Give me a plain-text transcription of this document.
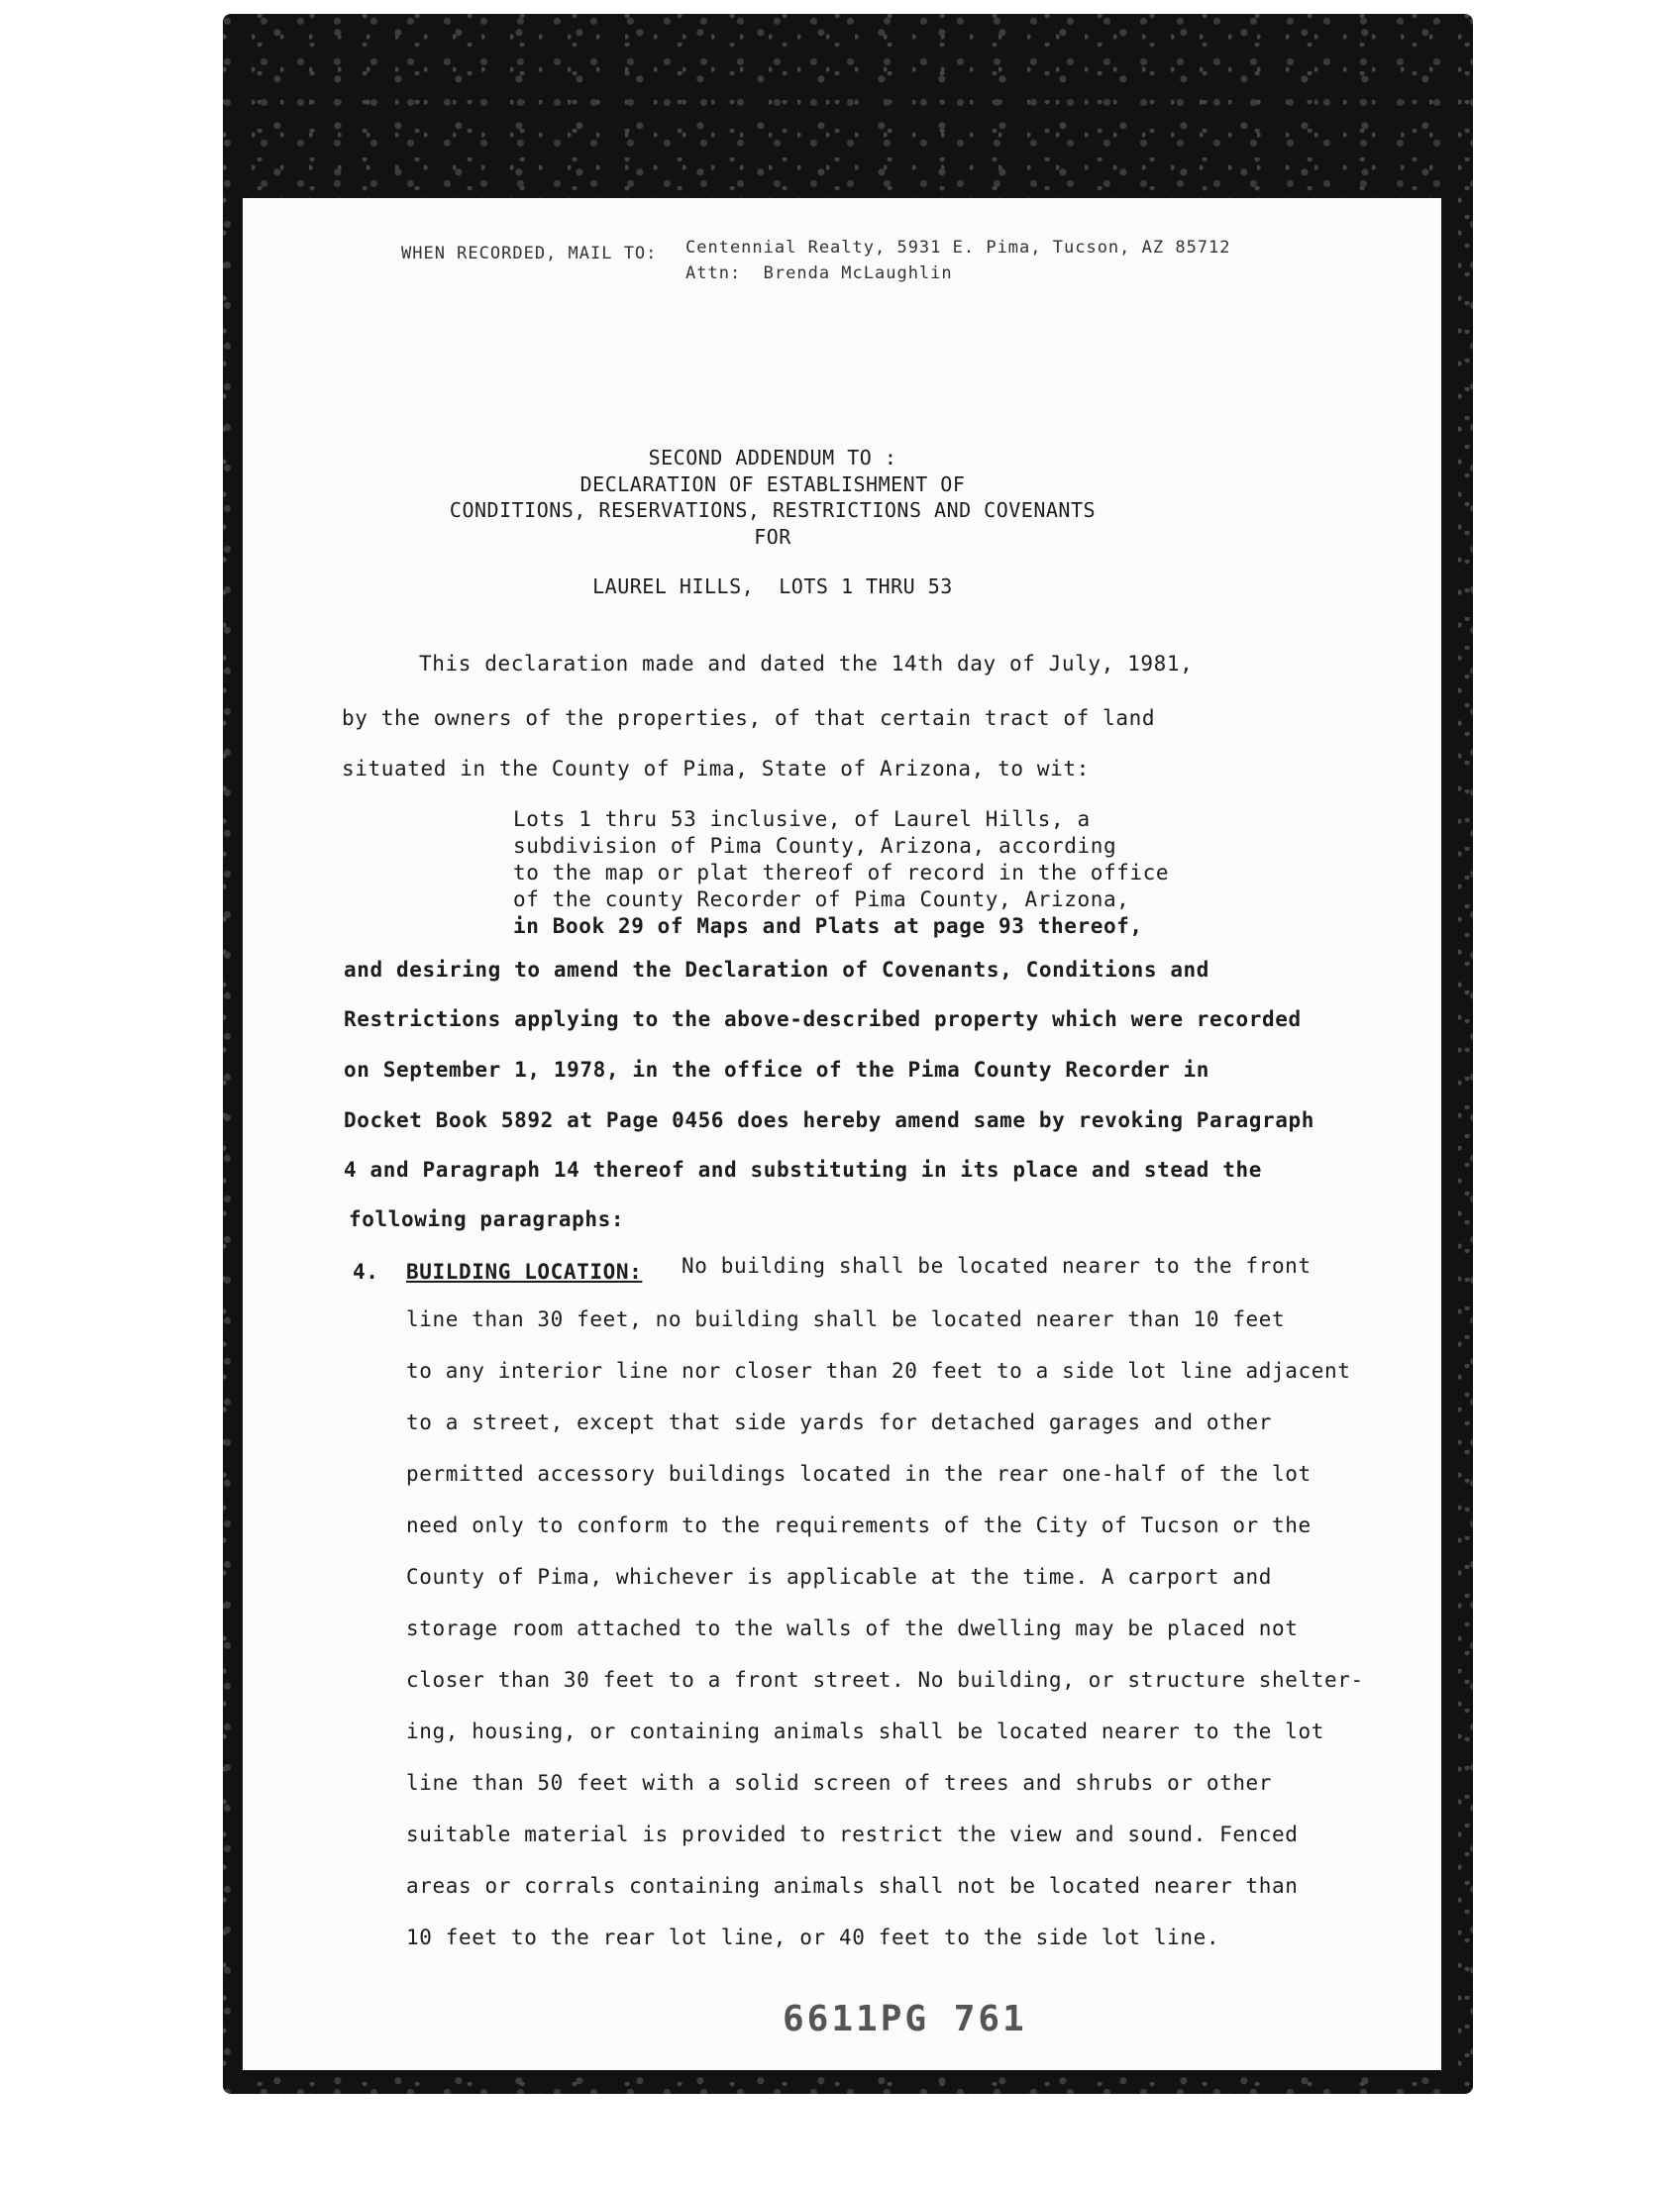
WHEN RECORDED, MAIL TO: Centennial Realty, 5931 E. Pima, Tucson, AZ 85712
Attn:  Brenda McLaughlin
SECOND ADDENDUM TO :
DECLARATION OF ESTABLISHMENT OF
CONDITIONS, RESERVATIONS, RESTRICTIONS AND COVENANTS
FOR
LAUREL HILLS,  LOTS 1 THRU 53
This declaration made and dated the 14th day of July, 1981,
by the owners of the properties, of that certain tract of land
situated in the County of Pima, State of Arizona, to wit:
Lots 1 thru 53 inclusive, of Laurel Hills, a
subdivision of Pima County, Arizona, according
to the map or plat thereof of record in the office
of the county Recorder of Pima County, Arizona,
in Book 29 of Maps and Plats at page 93 thereof,
and desiring to amend the Declaration of Covenants, Conditions and
Restrictions applying to the above-described property which were recorded
on September 1, 1978, in the office of the Pima County Recorder in
Docket Book 5892 at Page 0456 does hereby amend same by revoking Paragraph
4 and Paragraph 14 thereof and substituting in its place and stead the
following paragraphs:
4. BUILDING LOCATION: No building shall be located nearer to the front
line than 30 feet, no building shall be located nearer than 10 feet
to any interior line nor closer than 20 feet to a side lot line adjacent
to a street, except that side yards for detached garages and other
permitted accessory buildings located in the rear one-half of the lot
need only to conform to the requirements of the City of Tucson or the
County of Pima, whichever is applicable at the time. A carport and
storage room attached to the walls of the dwelling may be placed not
closer than 30 feet to a front street. No building, or structure shelter-
ing, housing, or containing animals shall be located nearer to the lot
line than 50 feet with a solid screen of trees and shrubs or other
suitable material is provided to restrict the view and sound. Fenced
areas or corrals containing animals shall not be located nearer than
10 feet to the rear lot line, or 40 feet to the side lot line.
6611PG 761
